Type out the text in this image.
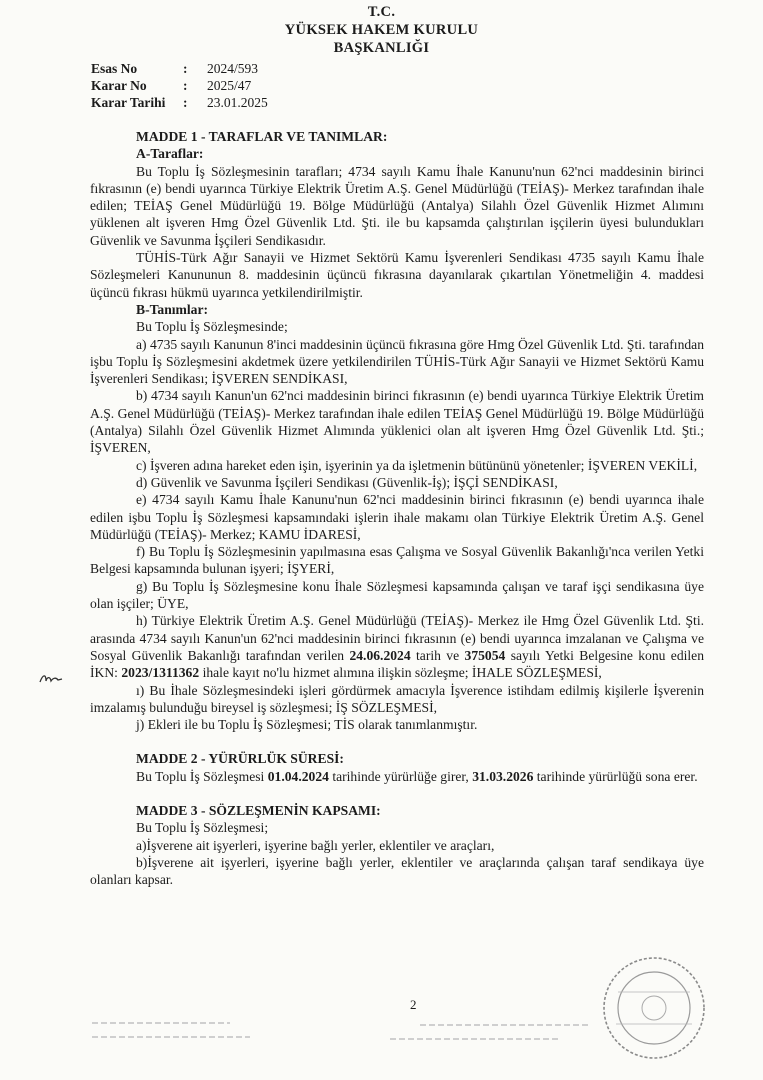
T.C.
YÜKSEK HAKEM KURULU
BAŞKANLIĞI
Esas No	:	2024/593
Karar No	:	2025/47
Karar Tarihi	:	23.01.2025

MADDE 1 - TARAFLAR VE TANIMLAR:

A-Taraflar:

Bu Toplu İş Sözleşmesinin tarafları; 4734 sayılı Kamu İhale Kanunu'nun 62'nci maddesinin birinci fıkrasının (e) bendi uyarınca Türkiye Elektrik Üretim A.Ş. Genel Müdürlüğü (TEİAŞ)- Merkez tarafından ihale edilen; TEİAŞ Genel Müdürlüğü 19. Bölge Müdürlüğü (Antalya) Silahlı Özel Güvenlik Hizmet Alımını yüklenen alt işveren Hmg Özel Güvenlik Ltd. Şti. ile bu kapsamda çalıştırılan işçilerin üyesi bulundukları Güvenlik ve Savunma İşçileri Sendikasıdır.

TÜHİS-Türk Ağır Sanayii ve Hizmet Sektörü Kamu İşverenleri Sendikası 4735 sayılı Kamu İhale Sözleşmeleri Kanununun 8. maddesinin üçüncü fıkrasına dayanılarak çıkartılan Yönetmeliğin 4. maddesi üçüncü fıkrası hükmü uyarınca yetkilendirilmiştir.

B-Tanımlar:

Bu Toplu İş Sözleşmesinde;

a) 4735 sayılı Kanunun 8'inci maddesinin üçüncü fıkrasına göre Hmg Özel Güvenlik Ltd. Şti. tarafından işbu Toplu İş Sözleşmesini akdetmek üzere yetkilendirilen TÜHİS-Türk Ağır Sanayii ve Hizmet Sektörü Kamu İşverenleri Sendikası; İŞVEREN SENDİKASI,

b) 4734 sayılı Kanun'un 62'nci maddesinin birinci fıkrasının (e) bendi uyarınca Türkiye Elektrik Üretim A.Ş. Genel Müdürlüğü (TEİAŞ)- Merkez tarafından ihale edilen TEİAŞ Genel Müdürlüğü 19. Bölge Müdürlüğü (Antalya) Silahlı Özel Güvenlik Hizmet Alımında yüklenici olan alt işveren Hmg Özel Güvenlik Ltd. Şti.; İŞVEREN,

c) İşveren adına hareket eden işin, işyerinin ya da işletmenin bütününü yönetenler; İŞVEREN VEKİLİ,

d) Güvenlik ve Savunma İşçileri Sendikası (Güvenlik-İş); İŞÇİ SENDİKASI,

e) 4734 sayılı Kamu İhale Kanunu'nun 62'nci maddesinin birinci fıkrasının (e) bendi uyarınca ihale edilen işbu Toplu İş Sözleşmesi kapsamındaki işlerin ihale makamı olan Türkiye Elektrik Üretim A.Ş. Genel Müdürlüğü (TEİAŞ)- Merkez; KAMU İDARESİ,

f) Bu Toplu İş Sözleşmesinin yapılmasına esas Çalışma ve Sosyal Güvenlik Bakanlığı'nca verilen Yetki Belgesi kapsamında bulunan işyeri; İŞYERİ,

g) Bu Toplu İş Sözleşmesine konu İhale Sözleşmesi kapsamında çalışan ve taraf işçi sendikasına üye olan işçiler; ÜYE,

h) Türkiye Elektrik Üretim A.Ş. Genel Müdürlüğü (TEİAŞ)- Merkez ile Hmg Özel Güvenlik Ltd. Şti. arasında 4734 sayılı Kanun'un 62'nci maddesinin birinci fıkrasının (e) bendi uyarınca imzalanan ve Çalışma ve Sosyal Güvenlik Bakanlığı tarafından verilen 24.06.2024 tarih ve 375054 sayılı Yetki Belgesine konu edilen İKN: 2023/1311362 ihale kayıt no'lu hizmet alımına ilişkin sözleşme; İHALE SÖZLEŞMESİ,

ı) Bu İhale Sözleşmesindeki işleri gördürmek amacıyla İşverence istihdam edilmiş kişilerle İşverenin imzalamış bulunduğu bireysel iş sözleşmesi; İŞ SÖZLEŞMESİ,

j) Ekleri ile bu Toplu İş Sözleşmesi; TİS olarak tanımlanmıştır.

MADDE 2 - YÜRÜRLÜK SÜRESİ:

Bu Toplu İş Sözleşmesi 01.04.2024 tarihinde yürürlüğe girer, 31.03.2026 tarihinde yürürlüğü sona erer.

MADDE 3 - SÖZLEŞMENİN KAPSAMI:

Bu Toplu İş Sözleşmesi;

a)İşverene ait işyerleri, işyerine bağlı yerler, eklentiler ve araçları,

b)İşverene ait işyerleri, işyerine bağlı yerler, eklentiler ve araçlarında çalışan taraf sendikaya üye olanları kapsar.

2
